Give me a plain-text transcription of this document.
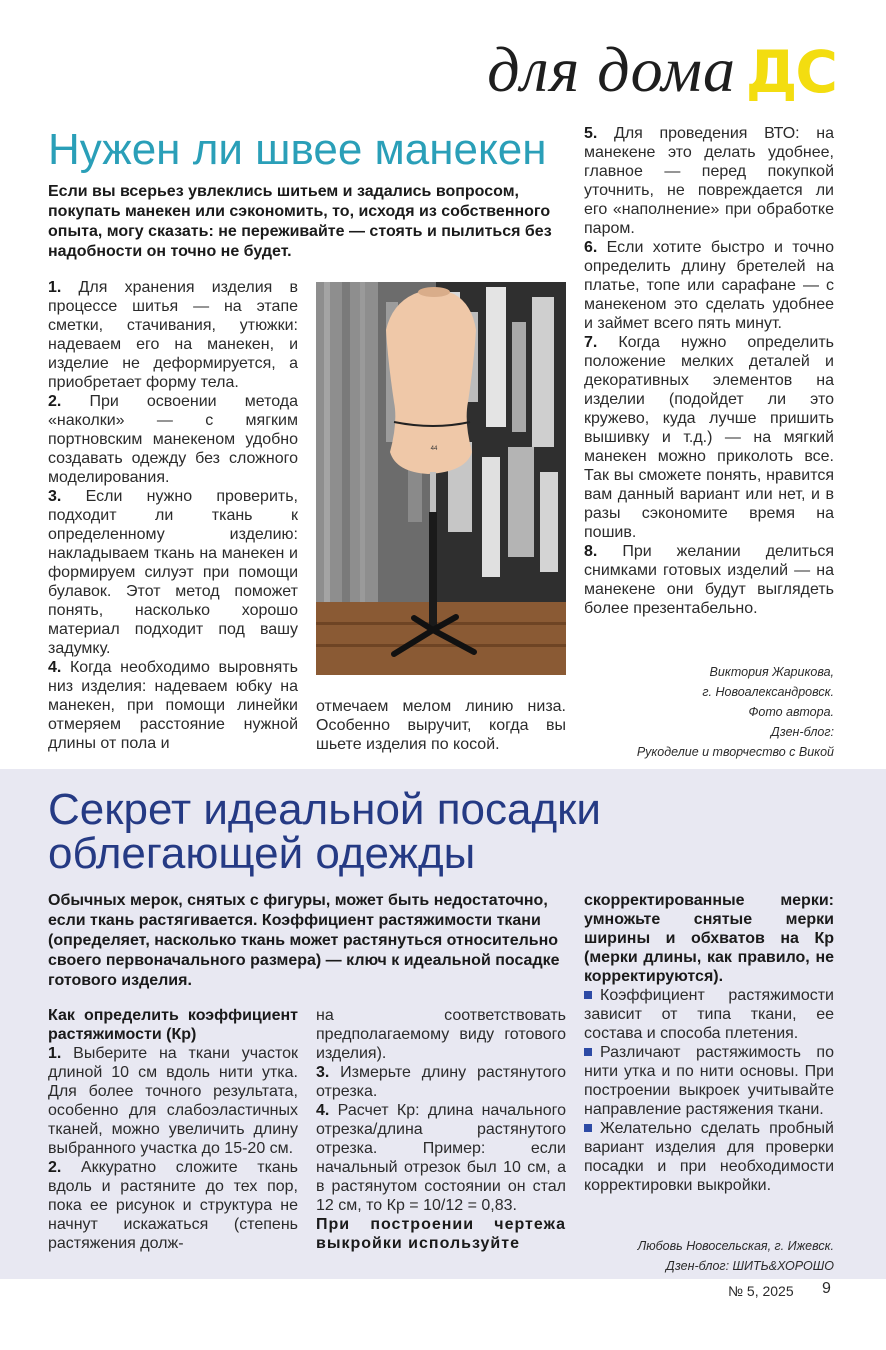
для дома ДС
Нужен ли швее манекен
Если вы всерьез увлеклись шитьем и задались вопросом, покупать манекен или сэкономить, то, исходя из собственного опыта, могу сказать: не переживайте — стоять и пылиться без надобности он точно не будет.

1. Для хранения изделия в процессе шитья — на этапе сметки, стачивания, утюжки: надеваем его на манекен, и изделие не деформируется, а приобретает форму тела.

2. При освоении метода «наколки» — с мягким портновским манекеном удобно создавать одежду без сложного моделирования.

3. Если нужно проверить, подходит ли ткань к определенному изделию: накладываем ткань на манекен и формируем силуэт при помощи булавок. Этот метод поможет понять, насколько хорошо материал подходит под вашу задумку.

4. Когда необходимо выровнять низ изделия: надеваем юбку на манекен, при помощи линейки отмеряем расстояние нужной длины от пола и

44
отмечаем мелом линию низа. Особенно выручит, когда вы шьете изделия по косой.

5. Для проведения ВТО: на манекене это делать удобнее, главное — перед покупкой уточнить, не повреждается ли его «наполнение» при обработке паром.

6. Если хотите быстро и точно определить длину бретелей на платье, топе или сарафане — с манекеном это сделать удобнее и займет всего пять минут.

7. Когда нужно определить положение мелких деталей и декоративных элементов на изделии (подойдет ли это кружево, куда лучше пришить вышивку и т.д.) — на мягкий манекен можно приколоть все. Так вы сможете понять, нравится вам данный вариант или нет, и в разы сэкономите время на пошив.

8. При желании делиться снимками готовых изделий — на манекене они будут выглядеть более презентабельно.

Виктория Жарикова,
г. Новоалександровск.
Фото автора.
Дзен-блог:
Рукоделие и творчество с Викой
Секрет идеальной посадки
облегающей одежды
Обычных мерок, снятых с фигуры, может быть недостаточно, если ткань растягивается. Коэффициент растяжимости ткани (определяет, насколько ткань может растянуться относительно своего первоначального размера) — ключ к идеальной посадке готового изделия.
Как определить коэффициент растяжимости (Кр)

1. Выберите на ткани участок длиной 10 см вдоль нити утка. Для более точного результата, особенно для слабоэластичных тканей, можно увеличить длину выбранного участка до 15-20 см.

2. Аккуратно сложите ткань вдоль и растяните до тех пор, пока ее рисунок и структура не начнут искажаться (степень растяжения долж-

на соответствовать предполагаемому виду готового изделия).

3. Измерьте длину растянутого отрезка.

4. Расчет Кр: длина начального отрезка/длина растянутого отрезка. Пример: если начальный отрезок был 10 см, а в растянутом состоянии он стал 12 см, то Кр = 10/12 = 0,83.

При построении чертежа выкройки используйте

скорректированные мерки: умножьте снятые мерки ширины и обхватов на Кр (мерки длины, как правило, не корректируются).

Коэффициент растяжимости зависит от типа ткани, ее состава и способа плетения.

Различают растяжимость по нити утка и по нити основы. При построении выкроек учитывайте направление растяжения ткани.

Желательно сделать пробный вариант изделия для проверки посадки и при необходимости корректировки выкройки.

Любовь Новосельская, г. Ижевск.
Дзен-блог: ШИТЬ&ХОРОШО
№ 5, 2025 9
